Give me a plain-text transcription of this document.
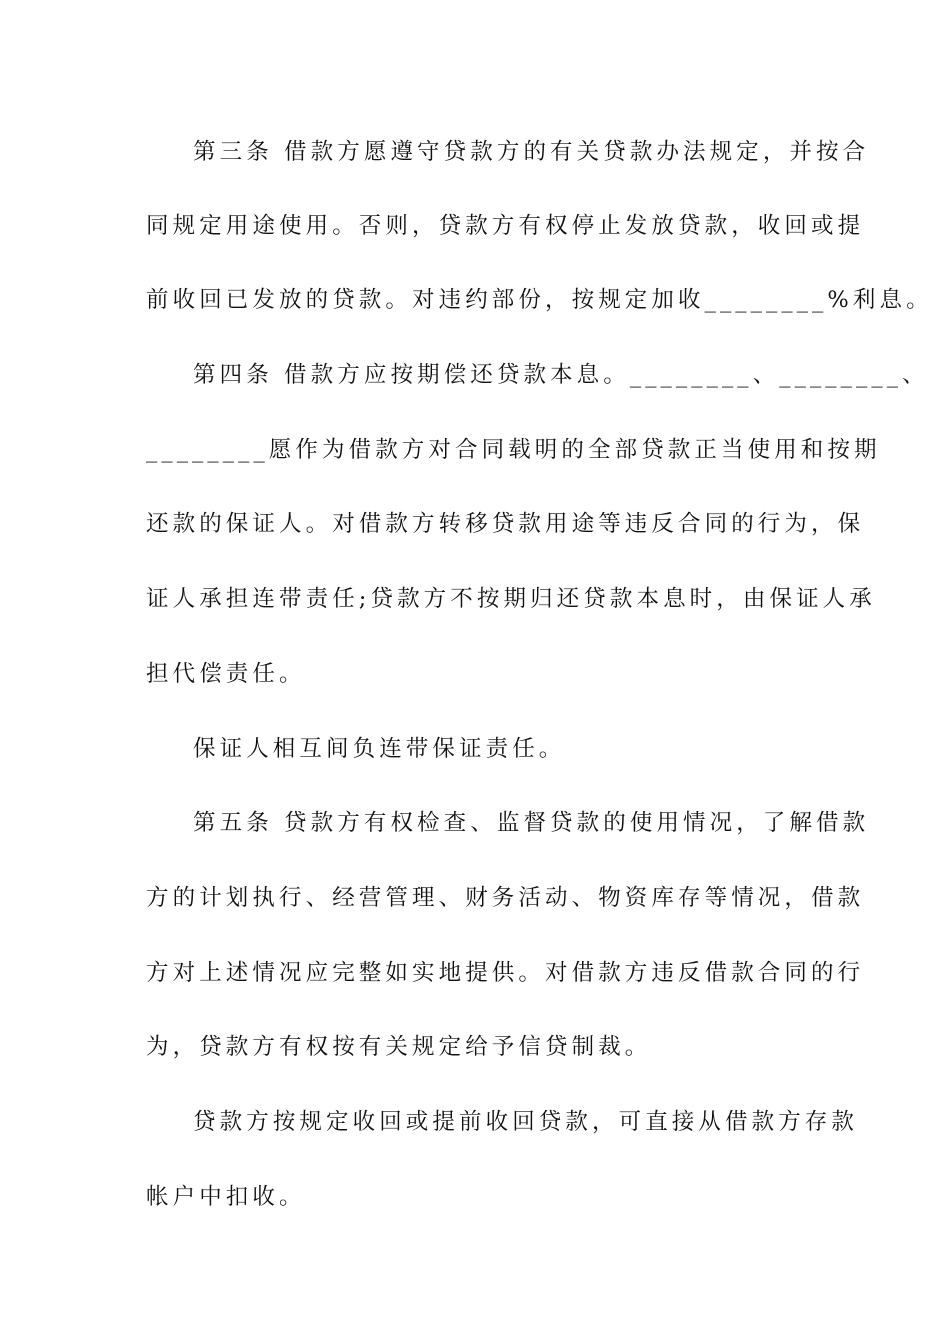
第三条 借款方愿遵守贷款方的有关贷款办法规定，并按合
同规定用途使用。否则，贷款方有权停止发放贷款，收回或提
前收回已发放的贷款。对违约部份，按规定加收________%利息。
第四条 借款方应按期偿还贷款本息。________、________、
________愿作为借款方对合同载明的全部贷款正当使用和按期
还款的保证人。对借款方转移贷款用途等违反合同的行为，保
证人承担连带责任;贷款方不按期归还贷款本息时，由保证人承
担代偿责任。
保证人相互间负连带保证责任。
第五条 贷款方有权检查、监督贷款的使用情况，了解借款
方的计划执行、经营管理、财务活动、物资库存等情况，借款
方对上述情况应完整如实地提供。对借款方违反借款合同的行
为，贷款方有权按有关规定给予信贷制裁。
贷款方按规定收回或提前收回贷款，可直接从借款方存款
帐户中扣收。
